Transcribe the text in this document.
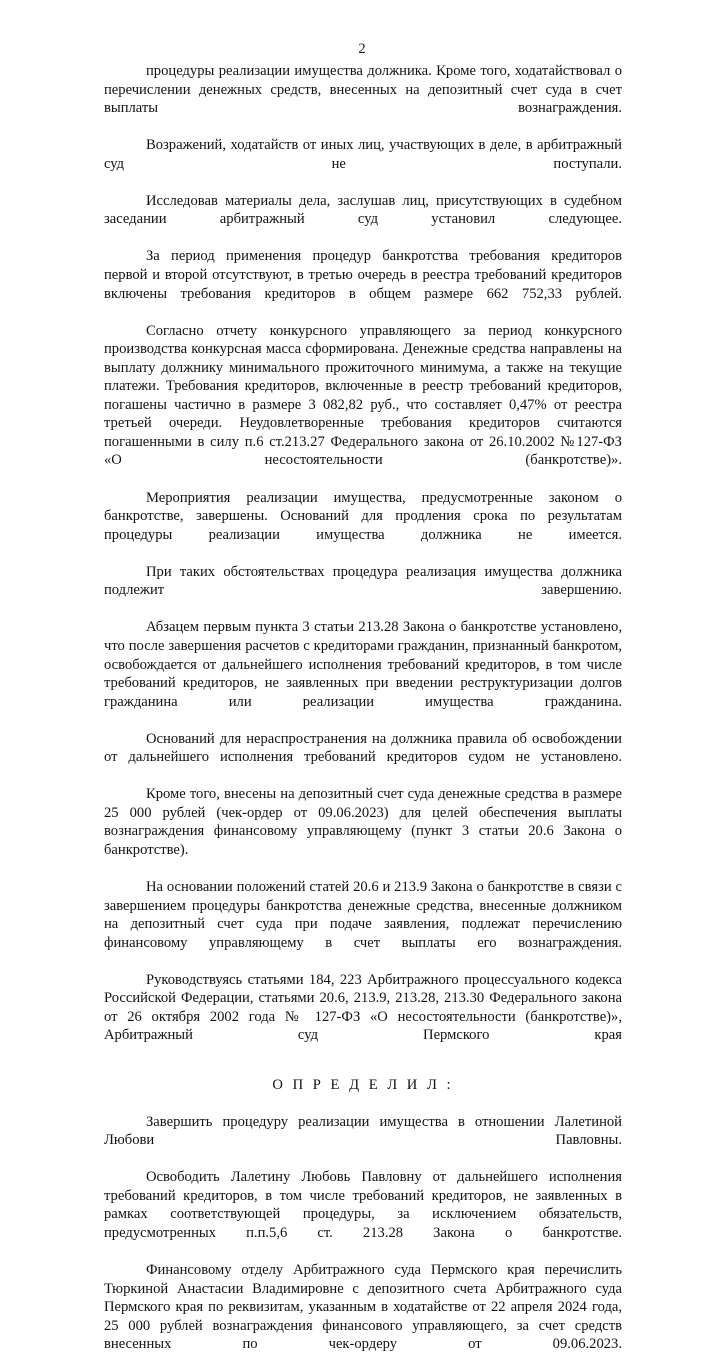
2

процедуры реализации имущества должника. Кроме того, ходатайствовал о перечислении денежных средств, внесенных на депозитный счет суда в счет выплаты вознаграждения.

Возражений, ходатайств от иных лиц, участвующих в деле, в арбитражный суд не поступали.

Исследовав материалы дела, заслушав лиц, присутствующих в судебном заседании арбитражный суд установил следующее.

За период применения процедур банкротства требования кредиторов первой и второй отсутствуют, в третью очередь в реестра требований кредиторов включены требования кредиторов в общем размере 662 752,33 рублей.

Согласно отчету конкурсного управляющего за период конкурсного производства конкурсная масса сформирована. Денежные средства направлены на выплату должнику минимального прожиточного минимума, а также на текущие платежи. Требования кредиторов, включенные в реестр требований кредиторов, погашены частично в размере 3 082,82 руб., что составляет 0,47% от реестра третьей очереди. Неудовлетворенные требования кредиторов считаются погашенными в силу п.6 ст.213.27 Федерального закона от 26.10.2002 №127-ФЗ «О несостоятельности (банкротстве)».

Мероприятия реализации имущества, предусмотренные законом о банкротстве, завершены. Оснований для продления срока по результатам процедуры реализации имущества должника не имеется.

При таких обстоятельствах процедура реализация имущества должника подлежит завершению.

Абзацем первым пункта 3 статьи 213.28 Закона о банкротстве установлено, что после завершения расчетов с кредиторами гражданин, признанный банкротом, освобождается от дальнейшего исполнения требований кредиторов, в том числе требований кредиторов, не заявленных при введении реструктуризации долгов гражданина или реализации имущества гражданина.

Оснований для нераспространения на должника правила об освобождении от дальнейшего исполнения требований кредиторов судом не установлено.

Кроме того, внесены на депозитный счет суда денежные средства в размере 25 000 рублей (чек-ордер от 09.06.2023) для целей обеспечения выплаты вознаграждения финансовому управляющему (пункт 3 статьи 20.6 Закона о банкротстве).

На основании положений статей 20.6 и 213.9 Закона о банкротстве в связи с завершением процедуры банкротства денежные средства, внесенные должником на депозитный счет суда при подаче заявления, подлежат перечислению финансовому управляющему в счет выплаты его вознаграждения.

Руководствуясь статьями 184, 223 Арбитражного процессуального кодекса Российской Федерации, статьями 20.6, 213.9, 213.28, 213.30 Федерального закона от 26 октября 2002 года № 127-ФЗ «О несостоятельности (банкротстве)», Арбитражный суд Пермского края

О П Р Е Д Е Л И Л :

Завершить процедуру реализации имущества в отношении Лалетиной Любови Павловны.

Освободить Лалетину Любовь Павловну от дальнейшего исполнения требований кредиторов, в том числе требований кредиторов, не заявленных в рамках соответствующей процедуры, за исключением обязательств, предусмотренных п.п.5,6 ст. 213.28 Закона о банкротстве.

Финансовому отделу Арбитражного суда Пермского края перечислить Тюркиной Анастасии Владимировне с депозитного счета Арбитражного суда Пермского края по реквизитам, указанным в ходатайстве от 22 апреля 2024 года, 25 000 рублей вознаграждения финансового управляющего, за счет средств внесенных по чек-ордеру от 09.06.2023.
